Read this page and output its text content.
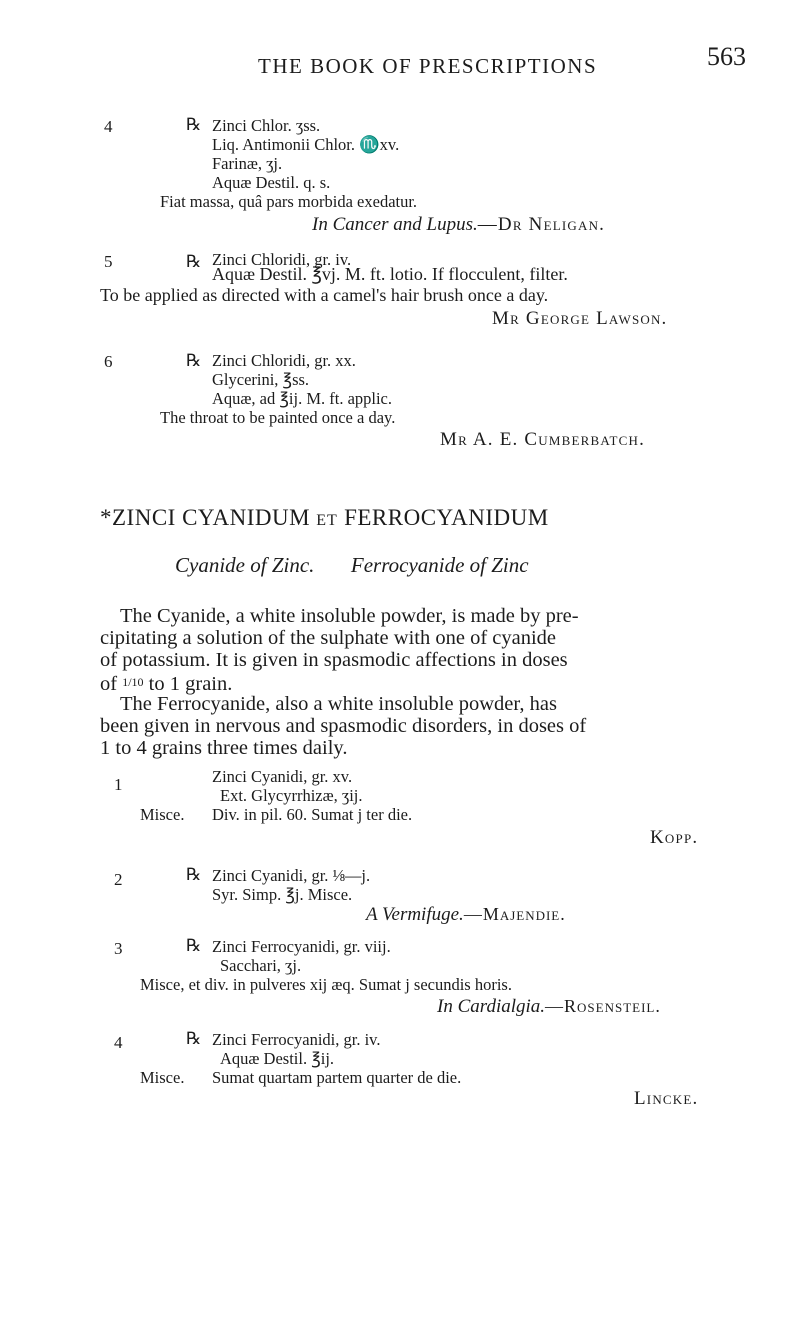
THE BOOK OF PRESCRIPTIONS	563
4	℞ Zinci Chlor. ʒss.
Liq. Antimonii Chlor. ♏xv.
Farinæ, ʒj.
Aquæ Destil. q. s.
Fiat massa, quâ pars morbida exedatur.
In Cancer and Lupus.—Dr Neligan.
5	℞ Zinci Chloridi, gr. iv.
Aquæ Destil. ℥vj. M. ft. lotio. If flocculent, filter.
To be applied as directed with a camel's hair brush once a day.
Mr George Lawson.
6	℞ Zinci Chloridi, gr. xx.
Glycerini, ℥ss.
Aquæ, ad ℥ij. M. ft. applic.
The throat to be painted once a day.
Mr A. E. Cumberbatch.
*ZINCI CYANIDUM ET FERROCYANIDUM
Cyanide of Zinc. Ferrocyanide of Zinc
The Cyanide, a white insoluble powder, is made by pre-
cipitating a solution of the sulphate with one of cyanide
of potassium. It is given in spasmodic affections in doses
of 1/10 to 1 grain.
The Ferrocyanide, also a white insoluble powder, has
been given in nervous and spasmodic disorders, in doses of
1 to 4 grains three times daily.
1	Zinci Cyanidi, gr. xv.
Ext. Glycyrrhizæ, ʒij.
Misce. Div. in pil. 60. Sumat j ter die.
Kopp.
2	℞ Zinci Cyanidi, gr. ⅛—j.
Syr. Simp. ℥j. Misce.
A Vermifuge.—Majendie.
3	℞ Zinci Ferrocyanidi, gr. viij.
Sacchari, ʒj.
Misce, et div. in pulveres xij æq. Sumat j secundis horis.
In Cardialgia.—Rosensteil.
4	℞ Zinci Ferrocyanidi, gr. iv.
Aquæ Destil. ℥ij.
Misce. Sumat quartam partem quarter de die.
Lincke.
